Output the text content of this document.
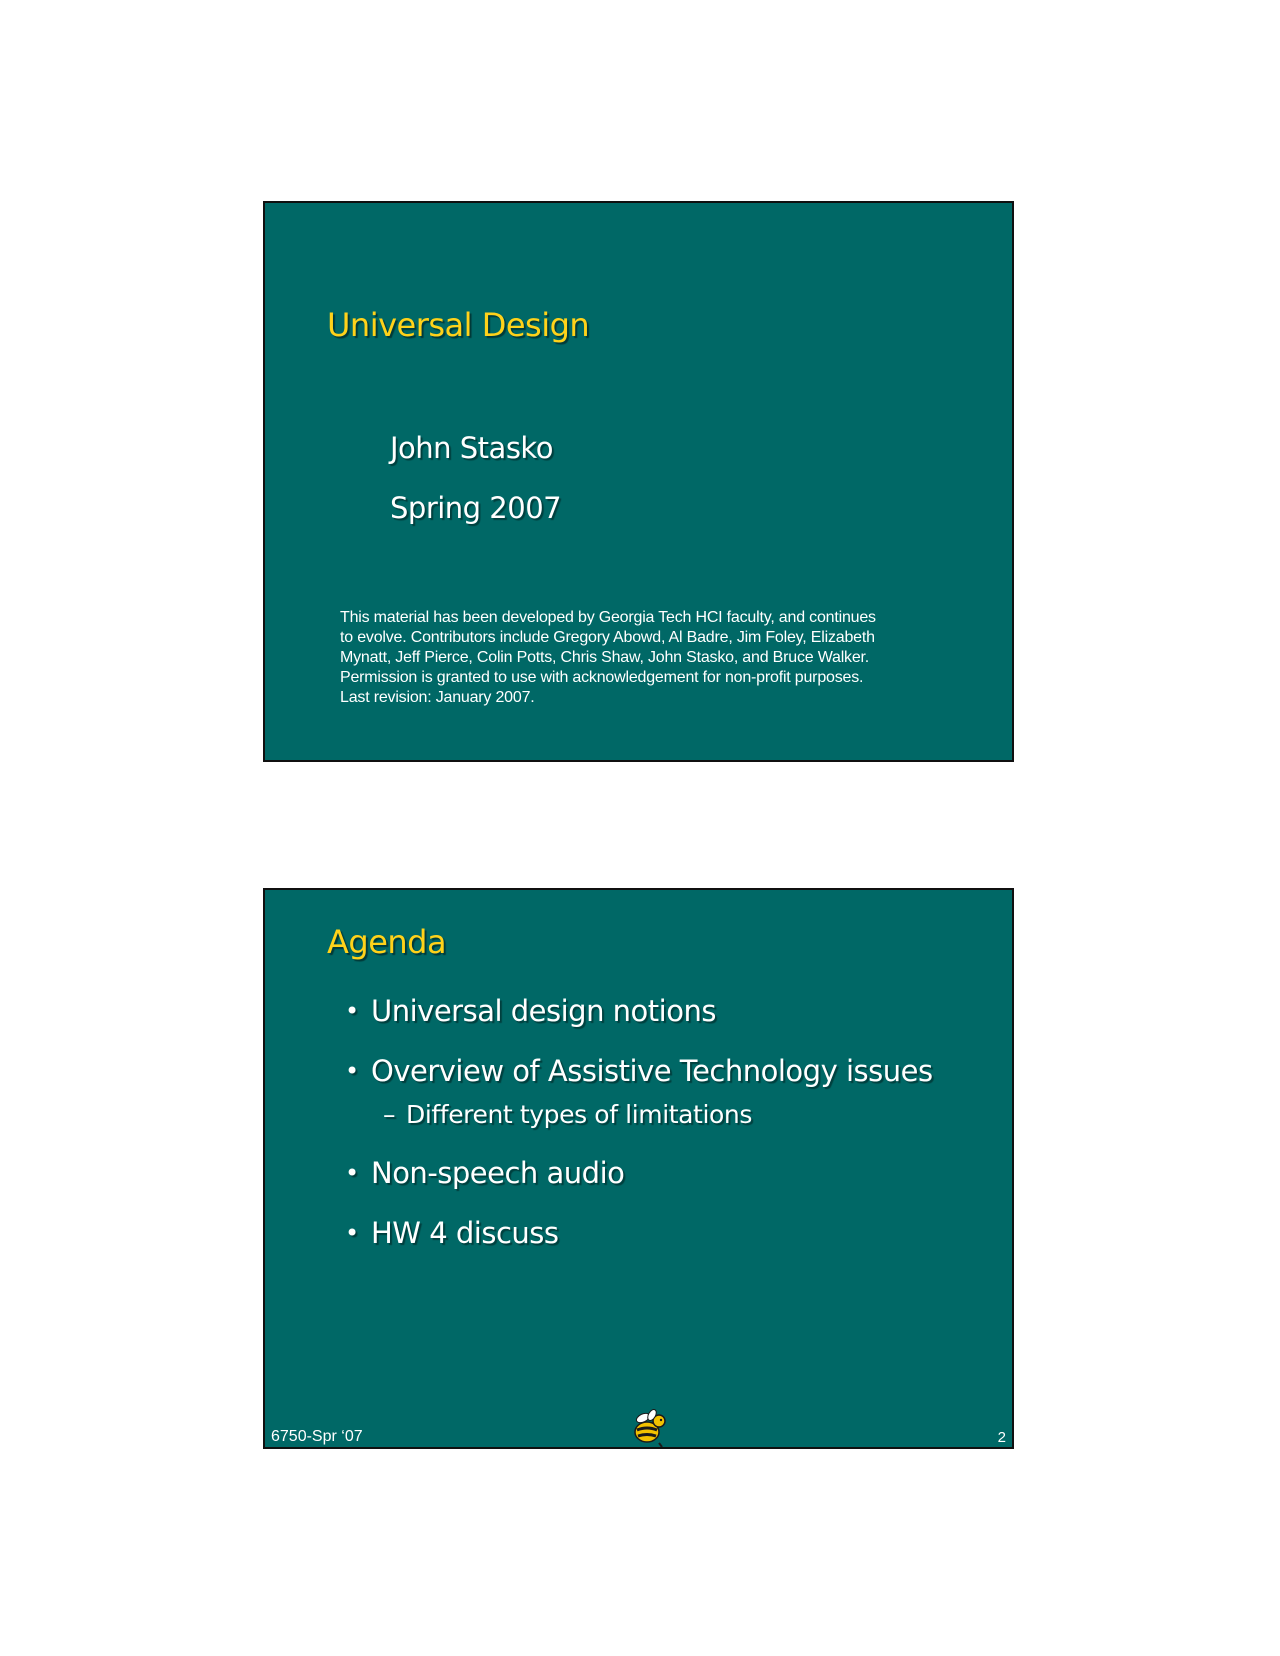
Universal Design
John Stasko
Spring 2007
This material has been developed by Georgia Tech HCI faculty, and continues
to evolve. Contributors include Gregory Abowd, Al Badre, Jim Foley, Elizabeth
Mynatt, Jeff Pierce, Colin Potts, Chris Shaw, John Stasko, and Bruce Walker.
Permission is granted to use with acknowledgement for non-profit purposes.
Last revision: January 2007.
Agenda
• Universal design notions
• Overview of Assistive Technology issues
– Different types of limitations
• Non-speech audio
• HW 4 discuss
6750-Spr ‘07	2
